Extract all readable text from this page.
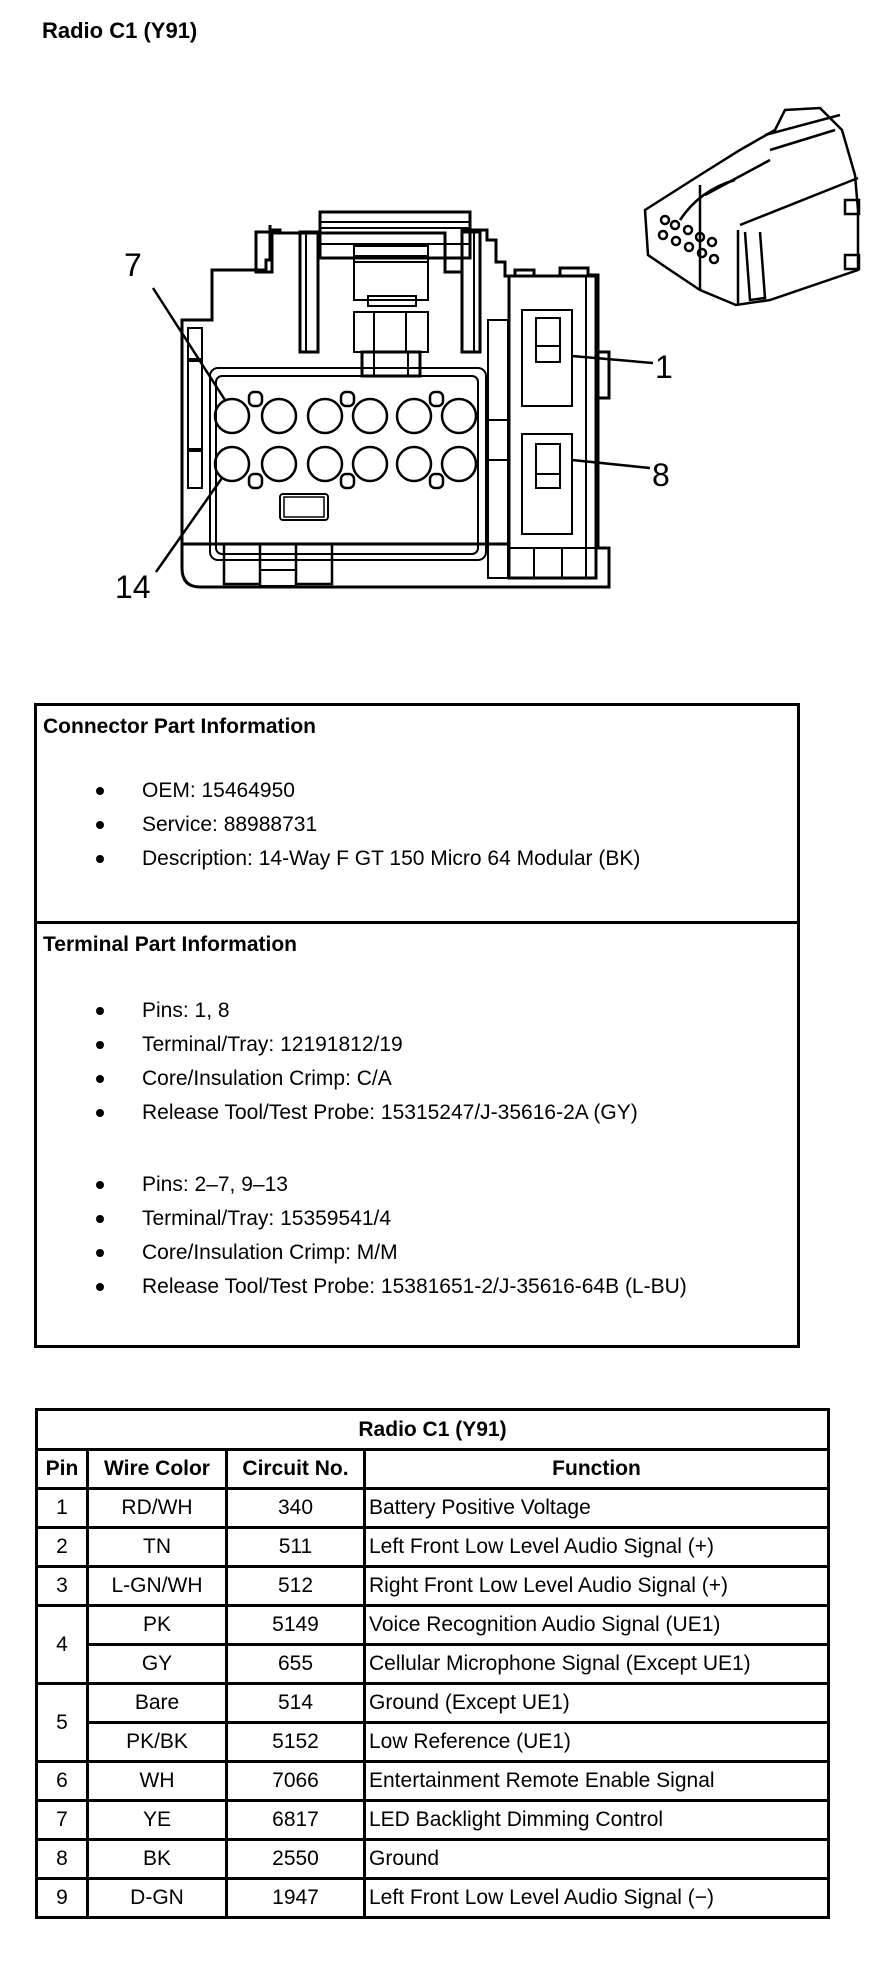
Radio C1 (Y91)
7
14
1
8
Connector Part Information
OEM: 15464950
Service: 88988731
Description: 14-Way F GT 150 Micro 64 Modular (BK)
Terminal Part Information
Pins: 1, 8
Terminal/Tray: 12191812/19
Core/Insulation Crimp: C/A
Release Tool/Test Probe: 15315247/J-35616-2A (GY)
Pins: 2–7, 9–13
Terminal/Tray: 15359541/4
Core/Insulation Crimp: M/M
Release Tool/Test Probe: 15381651-2/J-35616-64B (L-BU)
Radio C1 (Y91)			
Pin	Wire Color	Circuit No.	Function
1	RD/WH	340	Battery Positive Voltage
2	TN	511	Left Front Low Level Audio Signal (+)
3	L-GN/WH	512	Right Front Low Level Audio Signal (+)
4	PK	5149	Voice Recognition Audio Signal (UE1)
	GY	655	Cellular Microphone Signal (Except UE1)
5	Bare	514	Ground (Except UE1)
	PK/BK	5152	Low Reference (UE1)
6	WH	7066	Entertainment Remote Enable Signal
7	YE	6817	LED Backlight Dimming Control
8	BK	2550	Ground
9	D-GN	1947	Left Front Low Level Audio Signal (−)
